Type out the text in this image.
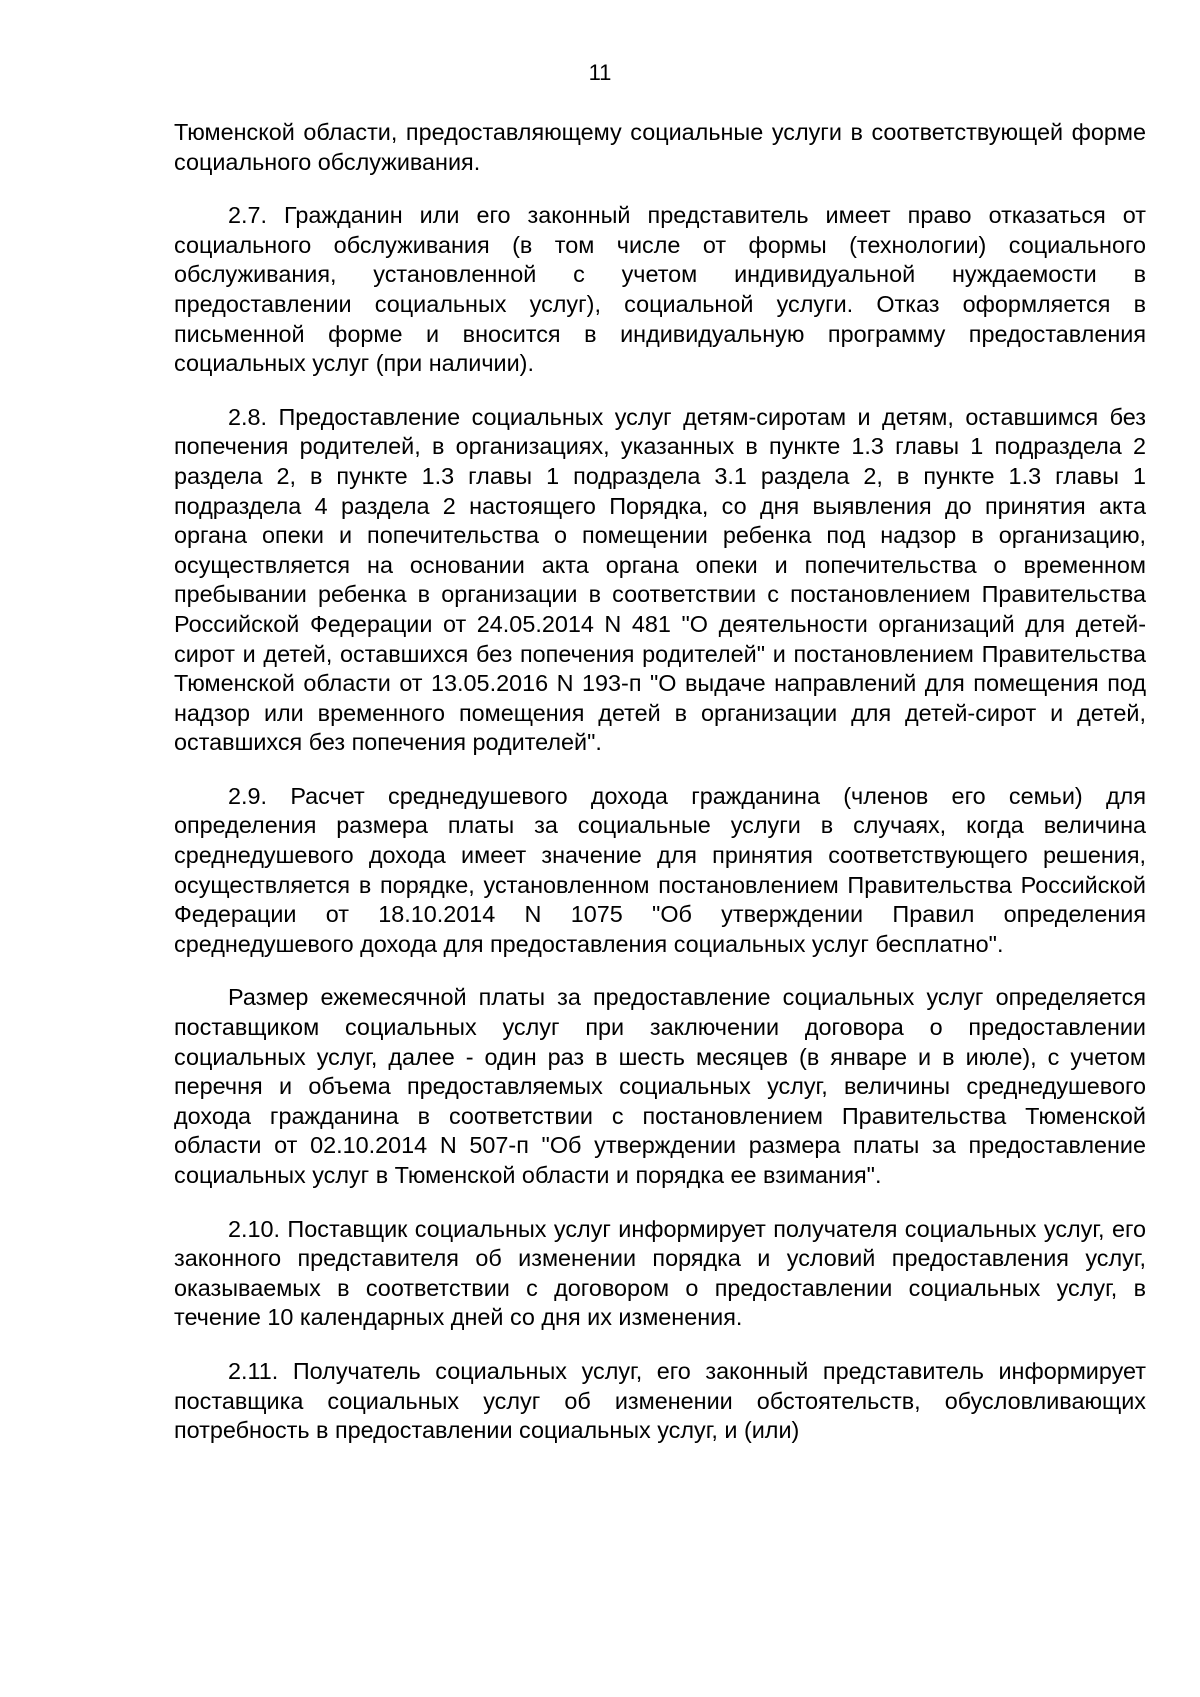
11

Тюменской области, предоставляющему социальные услуги в соответствующей форме социального обслуживания.

2.7. Гражданин или его законный представитель имеет право отказаться от социального обслуживания (в том числе от формы (технологии) социального обслуживания, установленной с учетом индивидуальной нуждаемости в предоставлении социальных услуг), социальной услуги. Отказ оформляется в письменной форме и вносится в индивидуальную программу предоставления социальных услуг (при наличии).

2.8. Предоставление социальных услуг детям-сиротам и детям, оставшимся без попечения родителей, в организациях, указанных в пункте 1.3 главы 1 подраздела 2 раздела 2, в пункте 1.3 главы 1 подраздела 3.1 раздела 2, в пункте 1.3 главы 1 подраздела 4 раздела 2 настоящего Порядка, со дня выявления до принятия акта органа опеки и попечительства о помещении ребенка под надзор в организацию, осуществляется на основании акта органа опеки и попечительства о временном пребывании ребенка в организации в соответствии с постановлением Правительства Российской Федерации от 24.05.2014 N 481 "О деятельности организаций для детей-сирот и детей, оставшихся без попечения родителей" и постановлением Правительства Тюменской области от 13.05.2016 N 193-п "О выдаче направлений для помещения под надзор или временного помещения детей в организации для детей-сирот и детей, оставшихся без попечения родителей".

2.9. Расчет среднедушевого дохода гражданина (членов его семьи) для определения размера платы за социальные услуги в случаях, когда величина среднедушевого дохода имеет значение для принятия соответствующего решения, осуществляется в порядке, установленном постановлением Правительства Российской Федерации от 18.10.2014 N 1075 "Об утверждении Правил определения среднедушевого дохода для предоставления социальных услуг бесплатно".

Размер ежемесячной платы за предоставление социальных услуг определяется поставщиком социальных услуг при заключении договора о предоставлении социальных услуг, далее - один раз в шесть месяцев (в январе и в июле), с учетом перечня и объема предоставляемых социальных услуг, величины среднедушевого дохода гражданина в соответствии с постановлением Правительства Тюменской области от 02.10.2014 N 507-п "Об утверждении размера платы за предоставление социальных услуг в Тюменской области и порядка ее взимания".

2.10. Поставщик социальных услуг информирует получателя социальных услуг, его законного представителя об изменении порядка и условий предоставления услуг, оказываемых в соответствии с договором о предоставлении социальных услуг, в течение 10 календарных дней со дня их изменения.

2.11. Получатель социальных услуг, его законный представитель информирует поставщика социальных услуг об изменении обстоятельств, обусловливающих потребность в предоставлении социальных услуг, и (или)
